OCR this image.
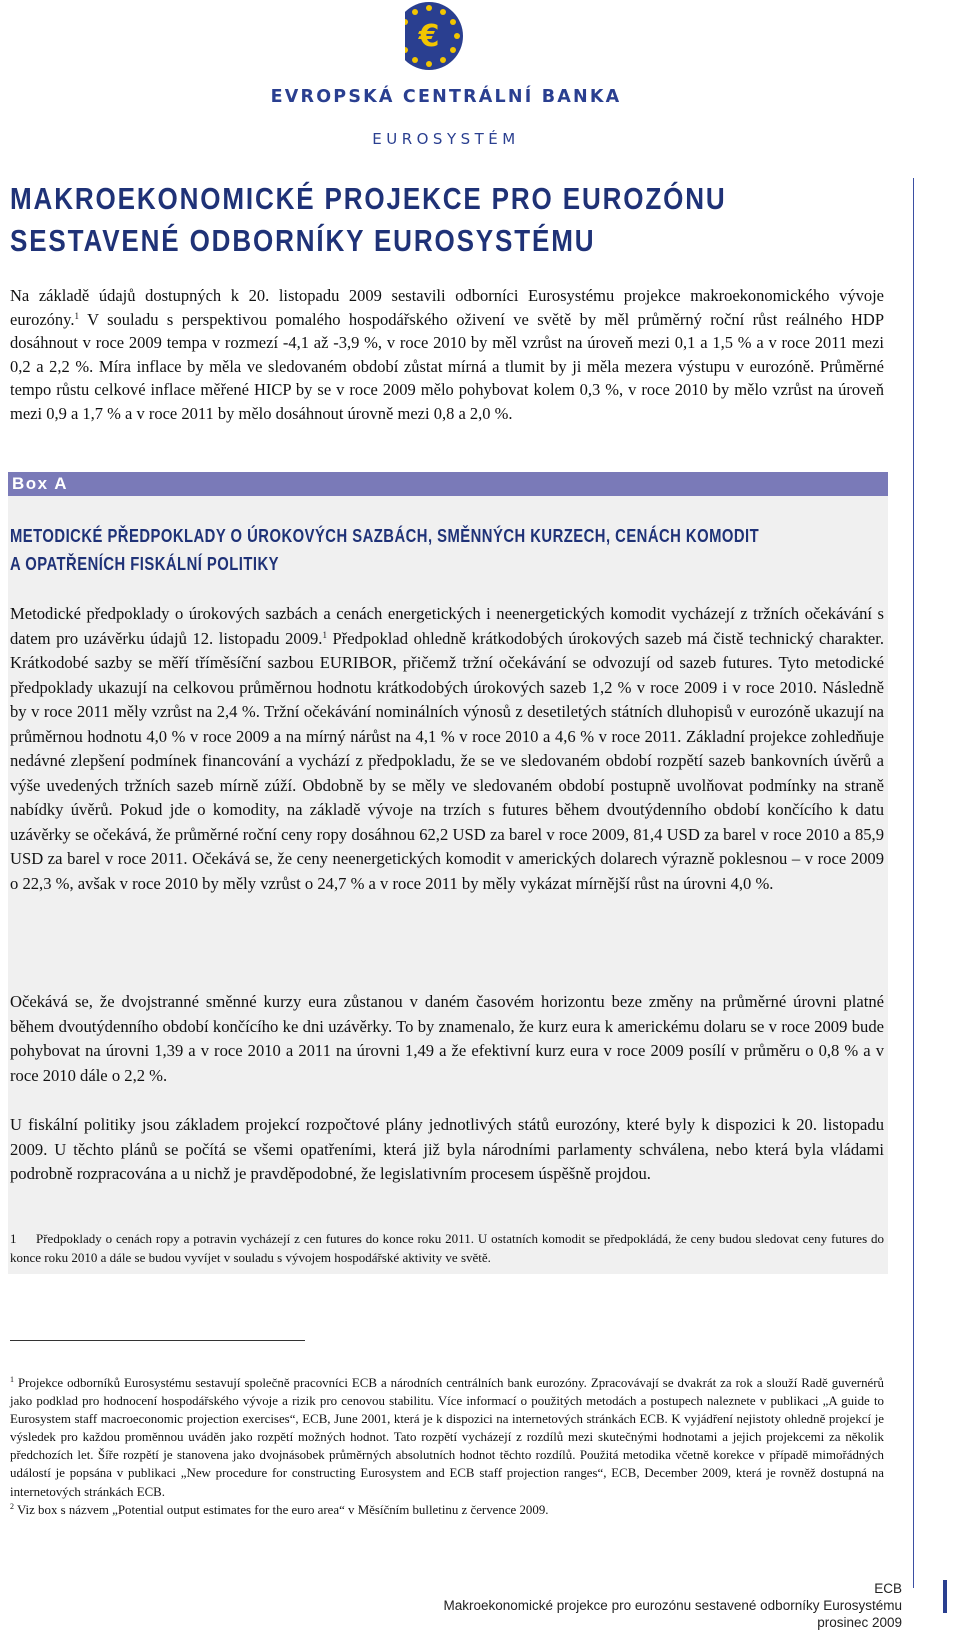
€
EVROPSKÁ CENTRÁLNÍ BANKA
EUROSYSTÉM
MAKROEKONOMICKÉ PROJEKCE PRO EUROZÓNU
SESTAVENÉ ODBORNÍKY EUROSYSTÉMU

Na základě údajů dostupných k 20. listopadu 2009 sestavili odborníci Eurosystému projekce makroekonomického vývoje eurozóny.$^1$ V souladu s perspektivou pomalého hospodářského oživení ve světě by měl průměrný roční růst reálného HDP dosáhnout v roce 2009 tempa v rozmezí -4,1 až -3,9 %, v roce 2010 by měl vzrůst na úroveň mezi 0,1 a 1,5 % a v roce 2011 mezi 0,2 a 2,2 %. Míra inflace by měla ve sledovaném období zůstat mírná a tlumit by ji měla mezera výstupu v eurozóně. Průměrné tempo růstu celkové inflace měřené HICP by se v roce 2009 mělo pohybovat kolem 0,3 %, v roce 2010 by mělo vzrůst na úroveň mezi 0,9 a 1,7 % a v roce 2011 by mělo dosáhnout úrovně mezi 0,8 a 2,0 %.

Box A
METODICKÉ PŘEDPOKLADY O ÚROKOVÝCH SAZBÁCH, SMĚNNÝCH KURZECH, CENÁCH KOMODIT
A OPATŘENÍCH FISKÁLNÍ POLITIKY

Metodické předpoklady o úrokových sazbách a cenách energetických i neenergetických komodit vycházejí z tržních očekávání s datem pro uzávěrku údajů 12. listopadu 2009.$^1$ Předpoklad ohledně krátkodobých úrokových sazeb má čistě technický charakter. Krátkodobé sazby se měří tříměsíční sazbou EURIBOR, přičemž tržní očekávání se odvozují od sazeb futures. Tyto metodické předpoklady ukazují na celkovou průměrnou hodnotu krátkodobých úrokových sazeb 1,2 % v roce 2009 i v roce 2010. Následně by v roce 2011 měly vzrůst na 2,4 %. Tržní očekávání nominálních výnosů z desetiletých státních dluhopisů v eurozóně ukazují na průměrnou hodnotu 4,0 % v roce 2009 a na mírný nárůst na 4,1 % v roce 2010 a 4,6 % v roce 2011. Základní projekce zohledňuje nedávné zlepšení podmínek financování a vychází z předpokladu, že se ve sledovaném období rozpětí sazeb bankovních úvěrů a výše uvedených tržních sazeb mírně zúží. Obdobně by se měly ve sledovaném období postupně uvolňovat podmínky na straně nabídky úvěrů. Pokud jde o komodity, na základě vývoje na trzích s futures během dvoutýdenního období končícího k datu uzávěrky se očekává, že průměrné roční ceny ropy dosáhnou 62,2 USD za barel v roce 2009, 81,4 USD za barel v roce 2010 a 85,9 USD za barel v roce 2011. Očekává se, že ceny neenergetických komodit v amerických dolarech výrazně poklesnou – v roce 2009 o 22,3 %, avšak v roce 2010 by měly vzrůst o 24,7 % a v roce 2011 by měly vykázat mírnější růst na úrovni 4,0 %.

Očekává se, že dvojstranné směnné kurzy eura zůstanou v daném časovém horizontu beze změny na průměrné úrovni platné během dvoutýdenního období končícího ke dni uzávěrky. To by znamenalo, že kurz eura k americkému dolaru se v roce 2009 bude pohybovat na úrovni 1,39 a v roce 2010 a 2011 na úrovni 1,49 a že efektivní kurz eura v roce 2009 posílí v průměru o 0,8 % a v roce 2010 dále o 2,2 %.

U fiskální politiky jsou základem projekcí rozpočtové plány jednotlivých států eurozóny, které byly k dispozici k 20. listopadu 2009. U těchto plánů se počítá se všemi opatřeními, která již byla národními parlamenty schválena, nebo která byla vládami podrobně rozpracována a u nichž je pravděpodobné, že legislativním procesem úspěšně projdou.

1 Předpoklady o cenách ropy a potravin vycházejí z cen futures do konce roku 2011. U ostatních komodit se předpokládá, že ceny budou sledovat ceny futures do konce roku 2010 a dále se budou vyvíjet v souladu s vývojem hospodářské aktivity ve světě.

$^1$ Projekce odborníků Eurosystému sestavují společně pracovníci ECB a národních centrálních bank eurozóny. Zpracovávají se dvakrát za rok a slouží Radě guvernérů jako podklad pro hodnocení hospodářského vývoje a rizik pro cenovou stabilitu. Více informací o použitých metodách a postupech naleznete v publikaci „A guide to Eurosystem staff macroeconomic projection exercises“, ECB, June 2001, která je k dispozici na internetových stránkách ECB. K vyjádření nejistoty ohledně projekcí je výsledek pro každou proměnnou uváděn jako rozpětí možných hodnot. Tato rozpětí vycházejí z rozdílů mezi skutečnými hodnotami a jejich projekcemi za několik předchozích let. Šíře rozpětí je stanovena jako dvojnásobek průměrných absolutních hodnot těchto rozdílů. Použitá metodika včetně korekce v případě mimořádných událostí je popsána v publikaci „New procedure for constructing Eurosystem and ECB staff projection ranges“, ECB, December 2009, která je rovněž dostupná na internetových stránkách ECB.

$^2$ Viz box s názvem „Potential output estimates for the euro area“ v Měsíčním bulletinu z července 2009.

ECB
Makroekonomické projekce pro eurozónu sestavené odborníky Eurosystému
prosinec 2009
